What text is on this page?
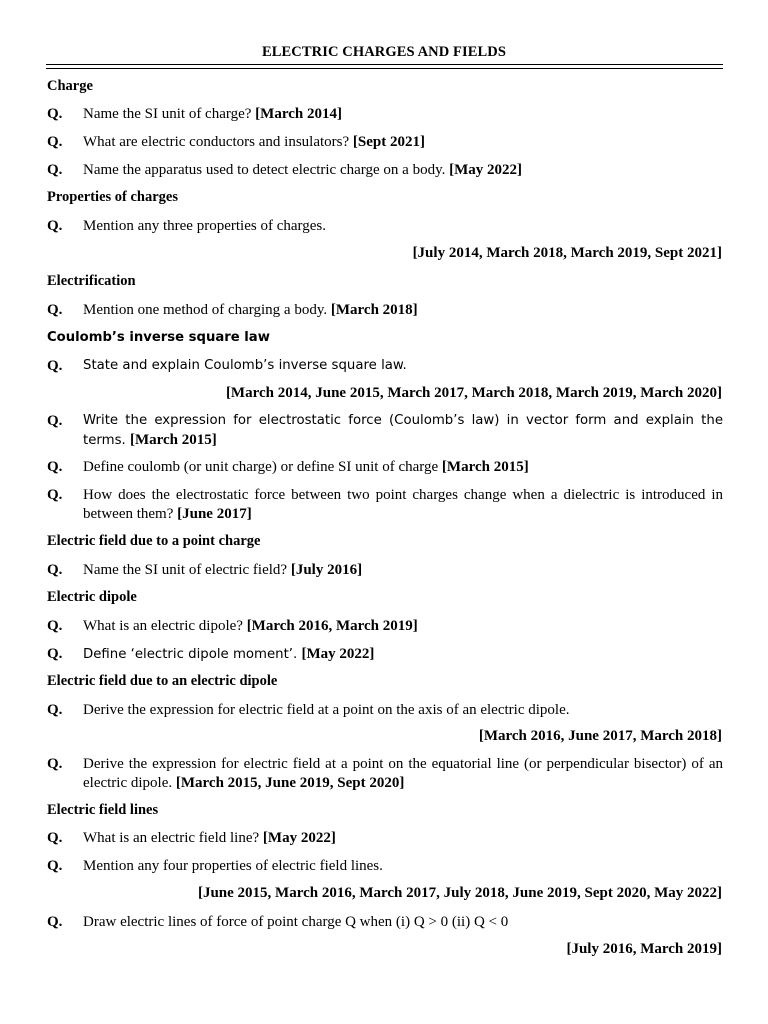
ELECTRIC CHARGES AND FIELDS
Charge
Q. Name the SI unit of charge? [March 2014]
Q. What are electric conductors and insulators? [Sept 2021]
Q. Name the apparatus used to detect electric charge on a body. [May 2022]
Properties of charges
Q. Mention any three properties of charges.
[July 2014, March 2018, March 2019, Sept 2021]
Electrification
Q. Mention one method of charging a body. [March 2018]
Coulomb’s inverse square law
Q. State and explain Coulomb’s inverse square law.
[March 2014, June 2015, March 2017, March 2018, March 2019, March 2020]
Q. Write the expression for electrostatic force (Coulomb’s law) in vector form and explain the terms. [March 2015]
Q. Define coulomb (or unit charge) or define SI unit of charge [March 2015]
Q. How does the electrostatic force between two point charges change when a dielectric is introduced in between them? [June 2017]
Electric field due to a point charge
Q. Name the SI unit of electric field? [July 2016]
Electric dipole
Q. What is an electric dipole? [March 2016, March 2019]
Q. Define ‘electric dipole moment’. [May 2022]
Electric field due to an electric dipole
Q. Derive the expression for electric field at a point on the axis of an electric dipole.
[March 2016, June 2017, March 2018]
Q. Derive the expression for electric field at a point on the equatorial line (or perpendicular bisector) of an electric dipole. [March 2015, June 2019, Sept 2020]
Electric field lines
Q. What is an electric field line? [May 2022]
Q. Mention any four properties of electric field lines.
[June 2015, March 2016, March 2017, July 2018, June 2019, Sept 2020, May 2022]
Q. Draw electric lines of force of point charge Q when (i) Q > 0 (ii) Q < 0
[July 2016, March 2019]
